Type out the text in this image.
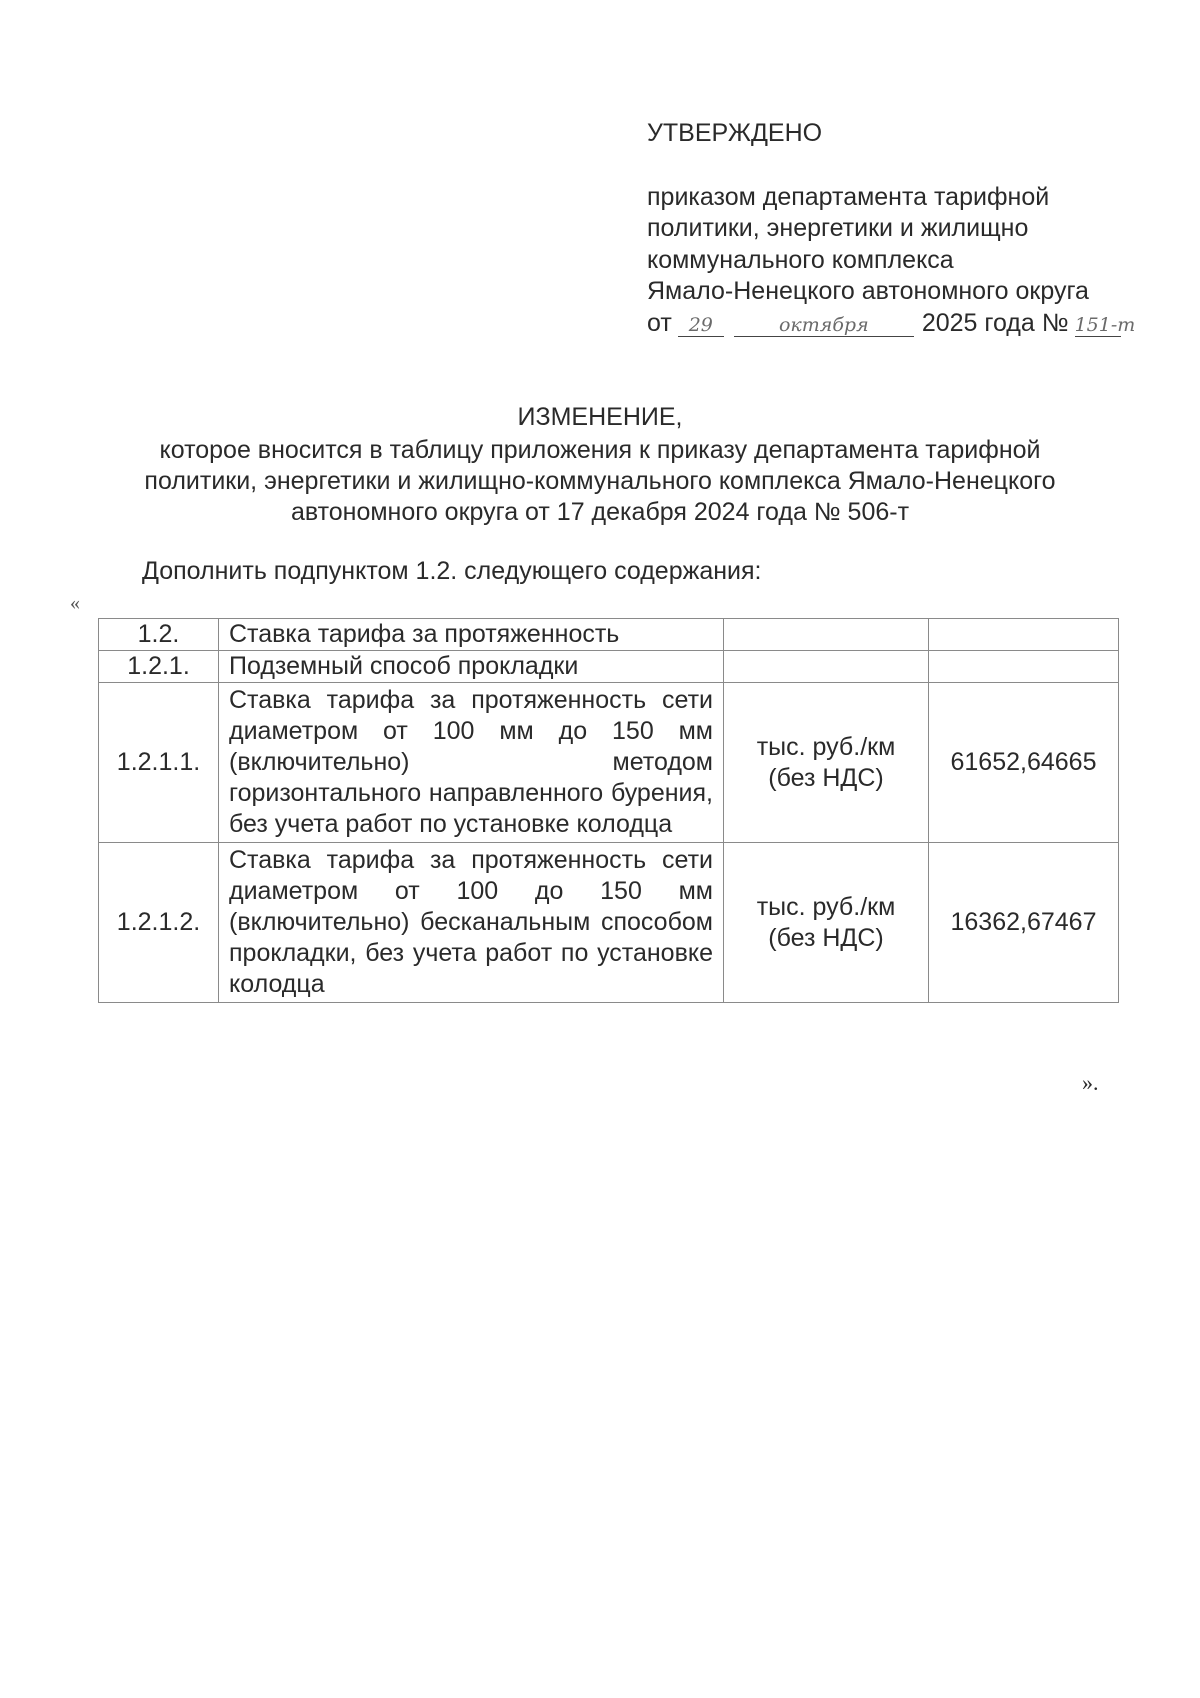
УТВЕРЖДЕНО
приказом департамента тарифной
политики, энергетики и жилищно
коммунального комплекса
Ямало-Ненецкого автономного округа
от 29	октября 2025 года № 151-т
ИЗМЕНЕНИЕ,
которое вносится в таблицу приложения к приказу департамента тарифной
политики, энергетики и жилищно-коммунального комплекса Ямало-Ненецкого
автономного округа от 17 декабря 2024 года № 506-т
Дополнить подпунктом 1.2. следующего содержания:
«
1.2.	Ставка тарифа за протяженность		
1.2.1.	Подземный способ прокладки		
1.2.1.1.	Ставка тарифа за протяженность сети диаметром от 100 мм до 150 мм (включительно) методом горизонтального направленного бурения, без учета работ по установке колодца	тыс. руб./км (без НДС)	61652,64665
1.2.1.2.	Ставка тарифа за протяженность сети диаметром от 100 до 150 мм (включительно) бесканальным способом прокладки, без учета работ по установке колодца	тыс. руб./км (без НДС)	16362,67467
».
